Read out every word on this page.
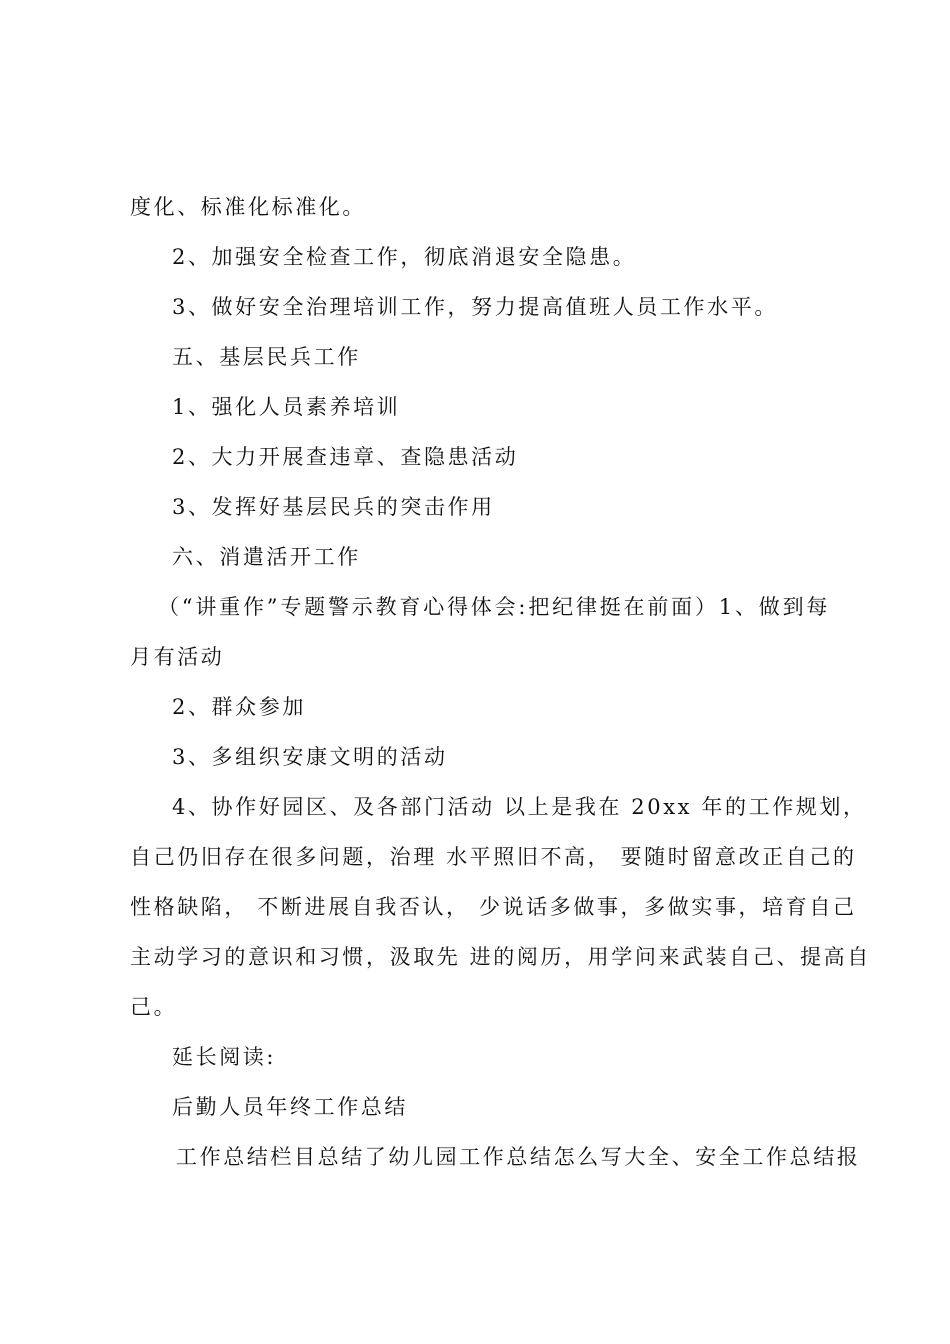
度化、标准化标准化。
2、加强安全检查工作，彻底消退安全隐患。
3、做好安全治理培训工作，努力提高值班人员工作水平。
五、基层民兵工作
1、强化人员素养培训
2、大力开展查违章、查隐患活动
3、发挥好基层民兵的突击作用
六、消遣活开工作
（“讲重作”专题警示教育心得体会:把纪律挺在前面）1、做到每
月有活动
2、群众参加
3、多组织安康文明的活动
4、协作好园区、及各部门活动 以上是我在 20xx 年的工作规划，
自己仍旧存在很多问题，治理 水平照旧不高， 要随时留意改正自己的
性格缺陷， 不断进展自我否认， 少说话多做事，多做实事，培育自己
主动学习的意识和习惯，汲取先 进的阅历，用学问来武装自己、提高自
己。
延长阅读:
后勤人员年终工作总结
工作总结栏目总结了幼儿园工作总结怎么写大全、安全工作总结报
